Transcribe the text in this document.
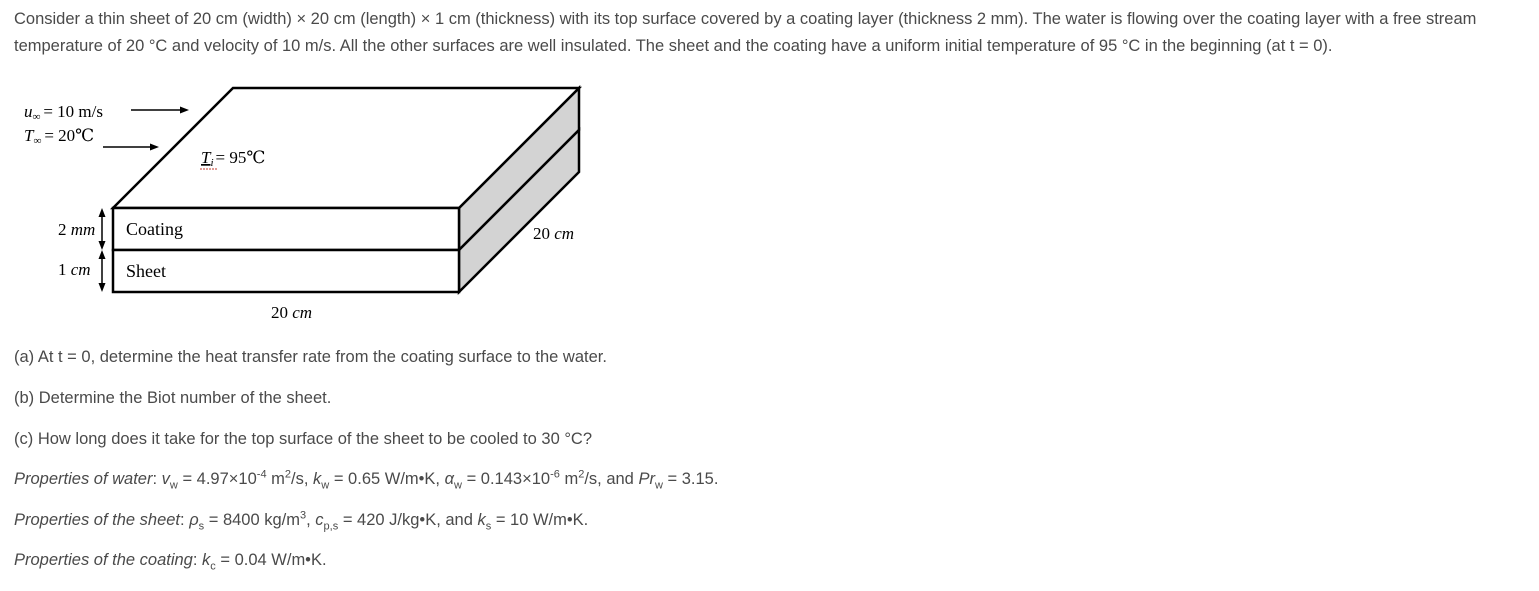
Consider a thin sheet of 20 cm (width) × 20 cm (length) × 1 cm (thickness) with its top surface covered by a coating layer (thickness 2 mm). The water is flowing over the coating layer with a free stream temperature of 20 °C and velocity of 10 m/s. All the other surfaces are well insulated. The sheet and the coating have a uniform initial temperature of 95 °C in the beginning (at t = 0).

u∞ = 10 m/s
T∞ = 20℃
Ti = 95℃
Coating
Sheet
2 mm
1 cm
20 cm
20 cm

(a) At t = 0, determine the heat transfer rate from the coating surface to the water.

(b) Determine the Biot number of the sheet.

(c) How long does it take for the top surface of the sheet to be cooled to 30 °C?

Properties of water: $v_w = 4.97\times 10^{-4}$ $m^2/s$, $k_w = 0.65$ W/m•K, $\alpha_w = 0.143\times 10^{-6}$ $m^2/s$, and $Pr_w = 3.15$.

Properties of the sheet: $\rho_s = 8400$ $kg/m^3$, $c_{p,s} = 420$ J/kg•K, and $k_s = 10$ W/m•K.

Properties of the coating: $k_c = 0.04$ W/m•K.
